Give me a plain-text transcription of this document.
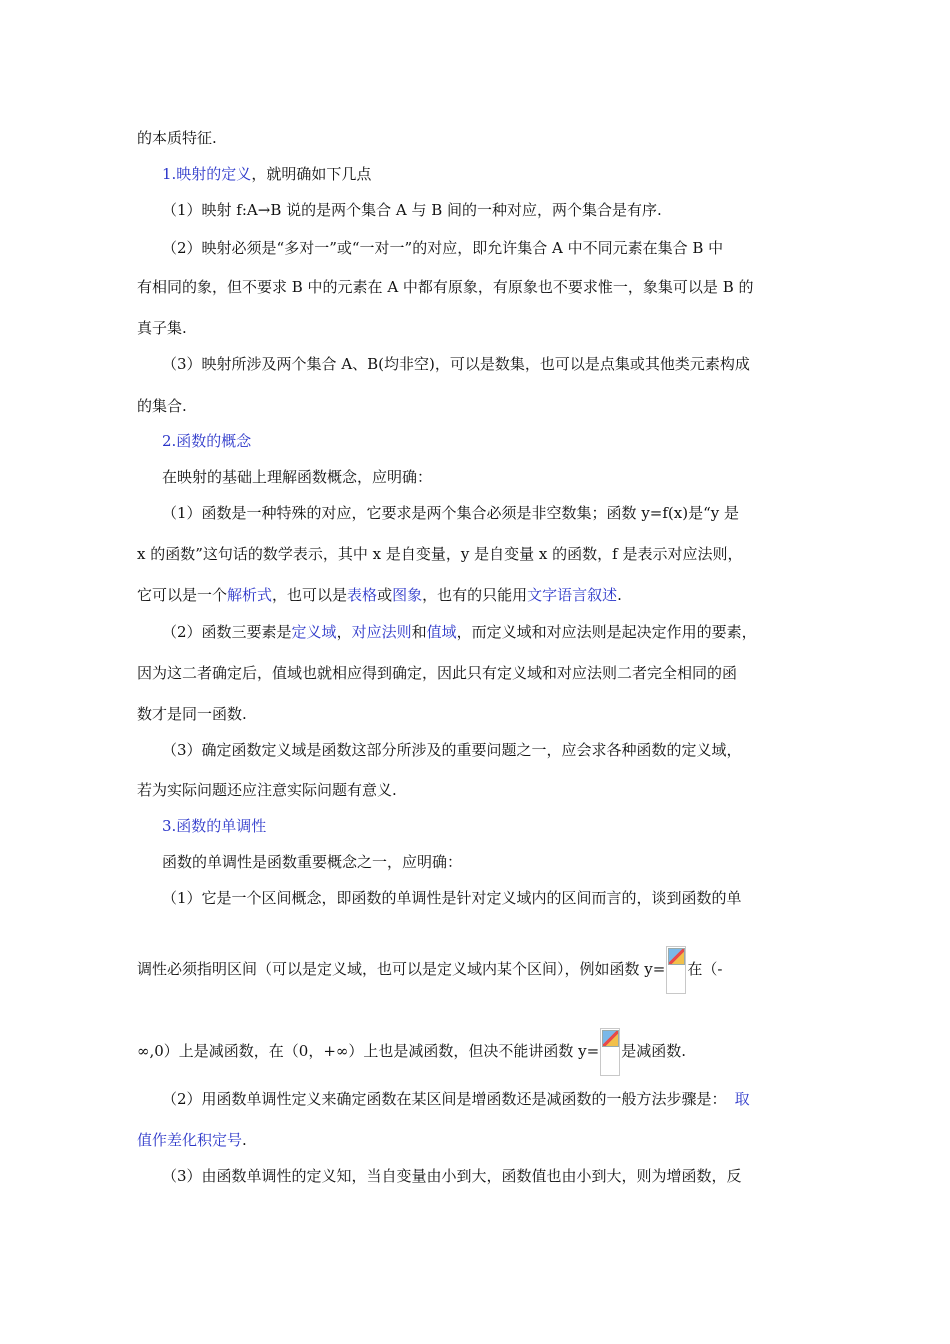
的本质特征.
1.映射的定义，就明确如下几点
（1）映射 f:A→B 说的是两个集合 A 与 B 间的一种对应，两个集合是有序.
（2）映射必须是“多对一”或“一对一”的对应，即允许集合 A 中不同元素在集合 B 中
有相同的象，但不要求 B 中的元素在 A 中都有原象，有原象也不要求惟一，象集可以是 B 的
真子集.
（3）映射所涉及两个集合 A、B(均非空)，可以是数集，也可以是点集或其他类元素构成
的集合.
2.函数的概念
在映射的基础上理解函数概念，应明确：
（1）函数是一种特殊的对应，它要求是两个集合必须是非空数集；函数 y=f(x)是“y 是
x 的函数”这句话的数学表示，其中 x 是自变量，y 是自变量 x 的函数，f 是表示对应法则，
它可以是一个解析式，也可以是表格或图象，也有的只能用文字语言叙述.
（2）函数三要素是定义域，对应法则和值域，而定义域和对应法则是起决定作用的要素，
因为这二者确定后，值域也就相应得到确定，因此只有定义域和对应法则二者完全相同的函
数才是同一函数.
（3）确定函数定义域是函数这部分所涉及的重要问题之一，应会求各种函数的定义域，
若为实际问题还应注意实际问题有意义.
3.函数的单调性
函数的单调性是函数重要概念之一，应明确：
（1）它是一个区间概念，即函数的单调性是针对定义域内的区间而言的，谈到函数的单
调性必须指明区间（可以是定义域，也可以是定义域内某个区间），例如函数 y= 在（-
∞,0）上是减函数，在（0，+∞）上也是减函数，但决不能讲函数 y= 是减函数.
（2）用函数单调性定义来确定函数在某区间是增函数还是减函数的一般方法步骤是： 取
值作差化积定号.
（3）由函数单调性的定义知，当自变量由小到大，函数值也由小到大，则为增函数，反
